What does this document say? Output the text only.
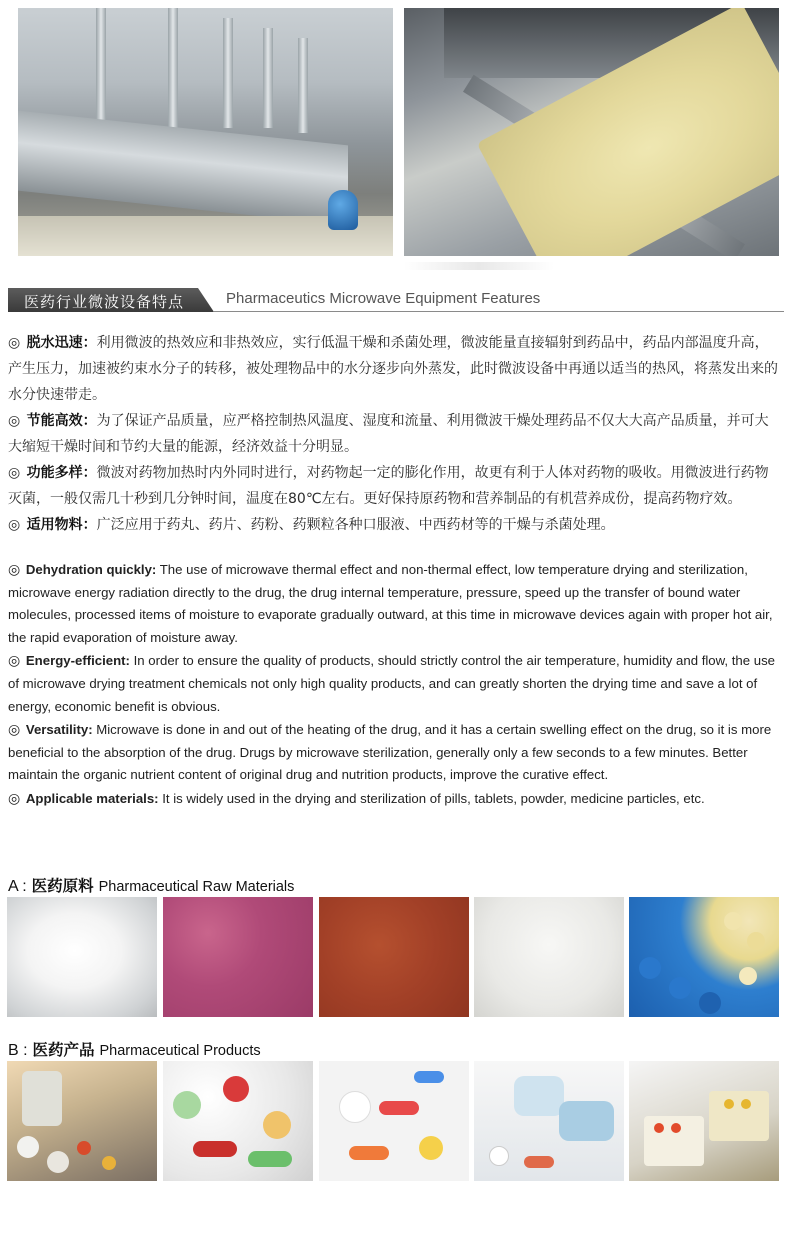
医药行业微波设备特点	Pharmaceutics Microwave Equipment Features
◎ 脱水迅速：利用微波的热效应和非热效应，实行低温干燥和杀菌处理，微波能量直接辐射到药品中，药品内部温度升高，产生压力，加速被约束水分子的转移，被处理物品中的水分逐步向外蒸发，此时微波设备中再通以适当的热风，将蒸发出来的水分快速带走。
◎ 节能高效：为了保证产品质量，应严格控制热风温度、湿度和流量、利用微波干燥处理药品不仅大大高产品质量，并可大大缩短干燥时间和节约大量的能源，经济效益十分明显。
◎ 功能多样：微波对药物加热时内外同时进行，对药物起一定的膨化作用，故更有利于人体对药物的吸收。用微波进行药物灭菌，一般仅需几十秒到几分钟时间，温度在80℃左右。更好保持原药物和营养制品的有机营养成份，提高药物疗效。
◎ 适用物料：广泛应用于药丸、药片、药粉、药颗粒各种口服液、中西药材等的干燥与杀菌处理。
◎ Dehydration quickly: The use of microwave thermal effect and non-thermal effect, low temperature drying and sterilization, microwave energy radiation directly to the drug, the drug internal temperature, pressure, speed up the transfer of bound water molecules, processed items of moisture to evaporate gradually outward, at this time in microwave devices again with proper hot air, the rapid evaporation of moisture away.
◎ Energy-efficient: In order to ensure the quality of products, should strictly control the air temperature, humidity and flow, the use of microwave drying treatment chemicals not only high quality products, and can greatly shorten the drying time and save a lot of energy, economic benefit is obvious.
◎ Versatility: Microwave is done in and out of the heating of the drug, and it has a certain swelling effect on the drug, so it is more beneficial to the absorption of the drug. Drugs by microwave sterilization, generally only a few seconds to a few minutes. Better maintain the organic nutrient content of original drug and nutrition products, improve the curative effect.
◎ Applicable materials: It is widely used in the drying and sterilization of pills, tablets, powder, medicine particles, etc.
A : 医药原料 Pharmaceutical Raw Materials
B : 医药产品 Pharmaceutical Products
